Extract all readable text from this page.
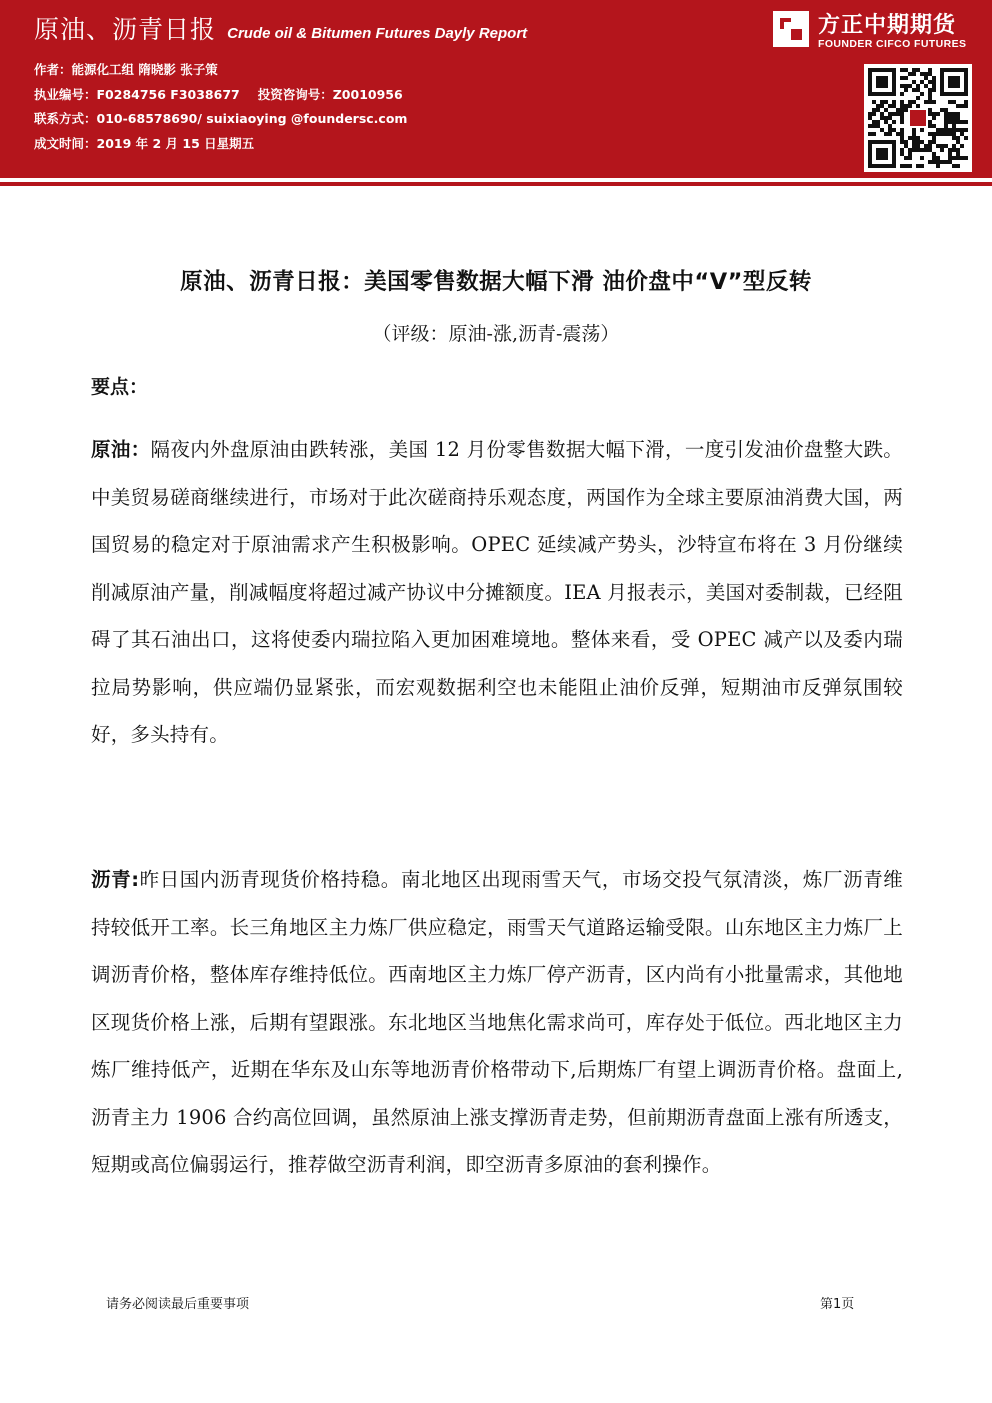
原油、沥青日报 Crude oil & Bitumen Futures Dayly Report
作者：能源化工组 隋晓影 张子策
执业编号：F0284756 F3038677 投资咨询号：Z0010956
联系方式：010-68578690/ suixiaoying @foundersc.com
成文时间：2019 年 2 月 15 日星期五
方正中期期货
FOUNDER CIFCO FUTURES
原油、沥青日报：美国零售数据大幅下滑 油价盘中“V”型反转
（评级：原油-涨,沥青-震荡）
要点：
原油：隔夜内外盘原油由跌转涨，美国 12 月份零售数据大幅下滑，一度引发油价盘整大跌。中美贸易磋商继续进行，市场对于此次磋商持乐观态度，两国作为全球主要原油消费大国，两国贸易的稳定对于原油需求产生积极影响。OPEC 延续减产势头，沙特宣布将在 3 月份继续削减原油产量，削减幅度将超过减产协议中分摊额度。IEA 月报表示，美国对委制裁，已经阻碍了其石油出口，这将使委内瑞拉陷入更加困难境地。整体来看，受 OPEC 减产以及委内瑞拉局势影响，供应端仍显紧张，而宏观数据利空也未能阻止油价反弹，短期油市反弹氛围较好，多头持有。
沥青:昨日国内沥青现货价格持稳。南北地区出现雨雪天气，市场交投气氛清淡，炼厂沥青维持较低开工率。长三角地区主力炼厂供应稳定，雨雪天气道路运输受限。山东地区主力炼厂上调沥青价格，整体库存维持低位。西南地区主力炼厂停产沥青，区内尚有小批量需求，其他地区现货价格上涨，后期有望跟涨。东北地区当地焦化需求尚可，库存处于低位。西北地区主力炼厂维持低产，近期在华东及山东等地沥青价格带动下,后期炼厂有望上调沥青价格。盘面上,沥青主力 1906 合约高位回调，虽然原油上涨支撑沥青走势，但前期沥青盘面上涨有所透支，短期或高位偏弱运行，推荐做空沥青利润，即空沥青多原油的套利操作。
请务必阅读最后重要事项	第1页
